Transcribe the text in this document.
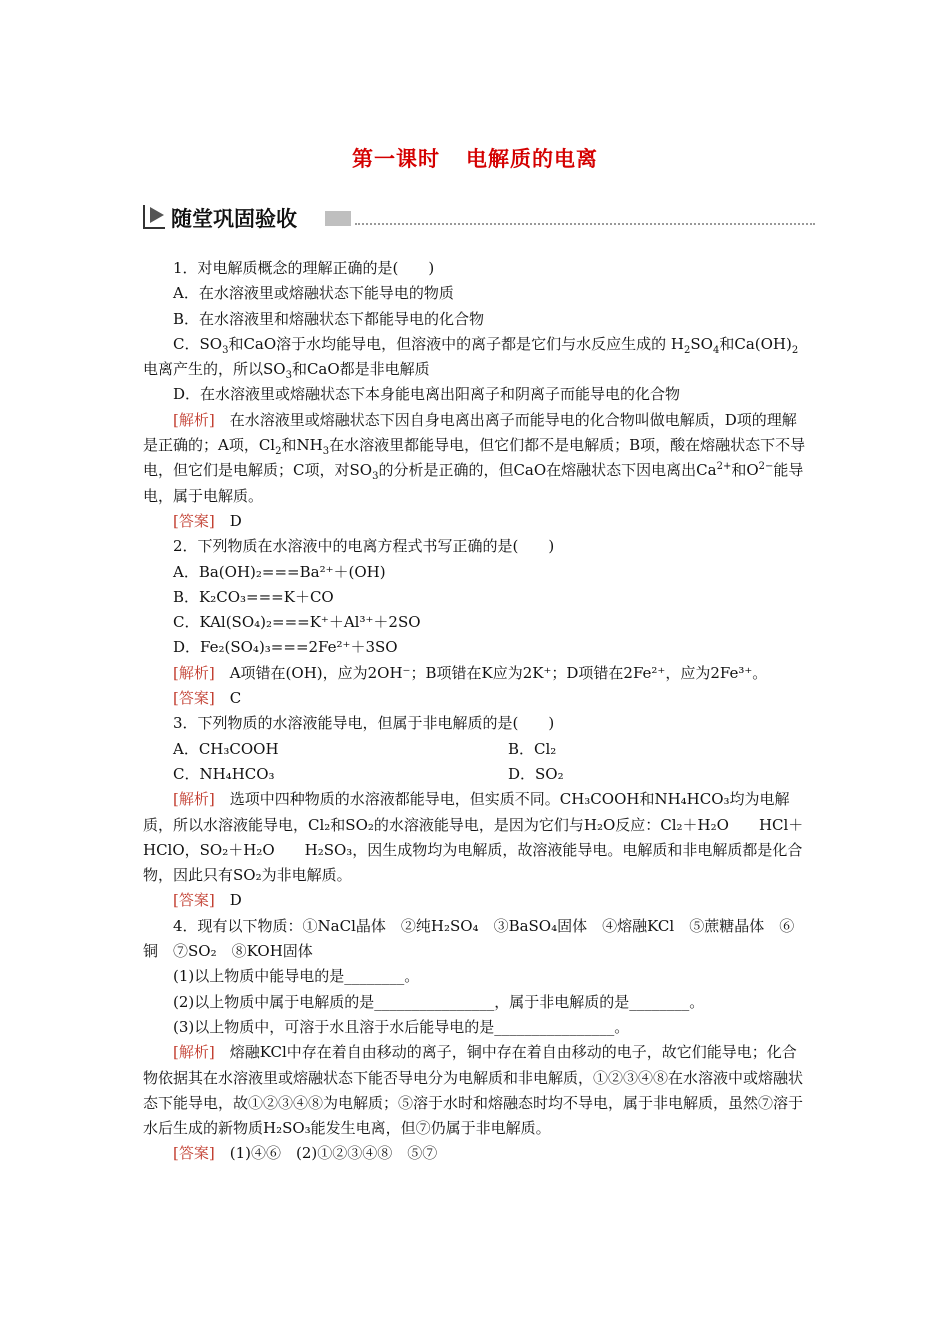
第一课时 电解质的电离
随堂巩固验收

1．对电解质概念的理解正确的是(　　)

A．在水溶液里或熔融状态下能导电的物质

B．在水溶液里和熔融状态下都能导电的化合物

C．$SO_3$和CaO溶于水均能导电，但溶液中的离子都是它们与水反应生成的 $H_2SO_4$和$Ca(OH)_2$电离产生的，所以$SO_3$和CaO都是非电解质

D．在水溶液里或熔融状态下本身能电离出阳离子和阴离子而能导电的化合物

[解析]　在水溶液里或熔融状态下因自身电离出离子而能导电的化合物叫做电解质，D项的理解是正确的；A项，$Cl_2$和$NH_3$在水溶液里都能导电，但它们都不是电解质；B项，酸在熔融状态下不导电，但它们是电解质；C项，对$SO_3$的分析是正确的，但CaO在熔融状态下因电离出$Ca^{2+}$和$O^{2-}$能导电，属于电解质。

[答案]　D

2．下列物质在水溶液中的电离方程式书写正确的是(　　)

A．Ba(OH)₂===Ba²⁺＋(OH)

B．K₂CO₃===K＋CO

C．KAl(SO₄)₂===K⁺＋Al³⁺＋2SO

D．Fe₂(SO₄)₃===2Fe²⁺＋3SO

[解析]　A项错在(OH)，应为2OH⁻；B项错在K应为2K⁺；D项错在2Fe²⁺，应为2Fe³⁺。

[答案]　C

3．下列物质的水溶液能导电，但属于非电解质的是(　　)

A．CH₃COOH	B．Cl₂
C．NH₄HCO₃	D．SO₂

[解析]　选项中四种物质的水溶液都能导电，但实质不同。CH₃COOH和NH₄HCO₃均为电解质，所以水溶液能导电，Cl₂和SO₂的水溶液能导电，是因为它们与H₂O反应：Cl₂＋H₂O　　HCl＋HClO，SO₂＋H₂O　　H₂SO₃，因生成物均为电解质，故溶液能导电。电解质和非电解质都是化合物，因此只有SO₂为非电解质。

[答案]　D

4．现有以下物质：①NaCl晶体　②纯H₂SO₄　③BaSO₄固体　④熔融KCl　⑤蔗糖晶体　⑥铜　⑦SO₂　⑧KOH固体

(1)以上物质中能导电的是________。

(2)以上物质中属于电解质的是________________，属于非电解质的是________。

(3)以上物质中，可溶于水且溶于水后能导电的是________________。

[解析]　熔融KCl中存在着自由移动的离子，铜中存在着自由移动的电子，故它们能导电；化合物依据其在水溶液里或熔融状态下能否导电分为电解质和非电解质，①②③④⑧在水溶液中或熔融状态下能导电，故①②③④⑧为电解质；⑤溶于水时和熔融态时均不导电，属于非电解质，虽然⑦溶于水后生成的新物质H₂SO₃能发生电离，但⑦仍属于非电解质。

[答案]　(1)④⑥　(2)①②③④⑧　⑤⑦
